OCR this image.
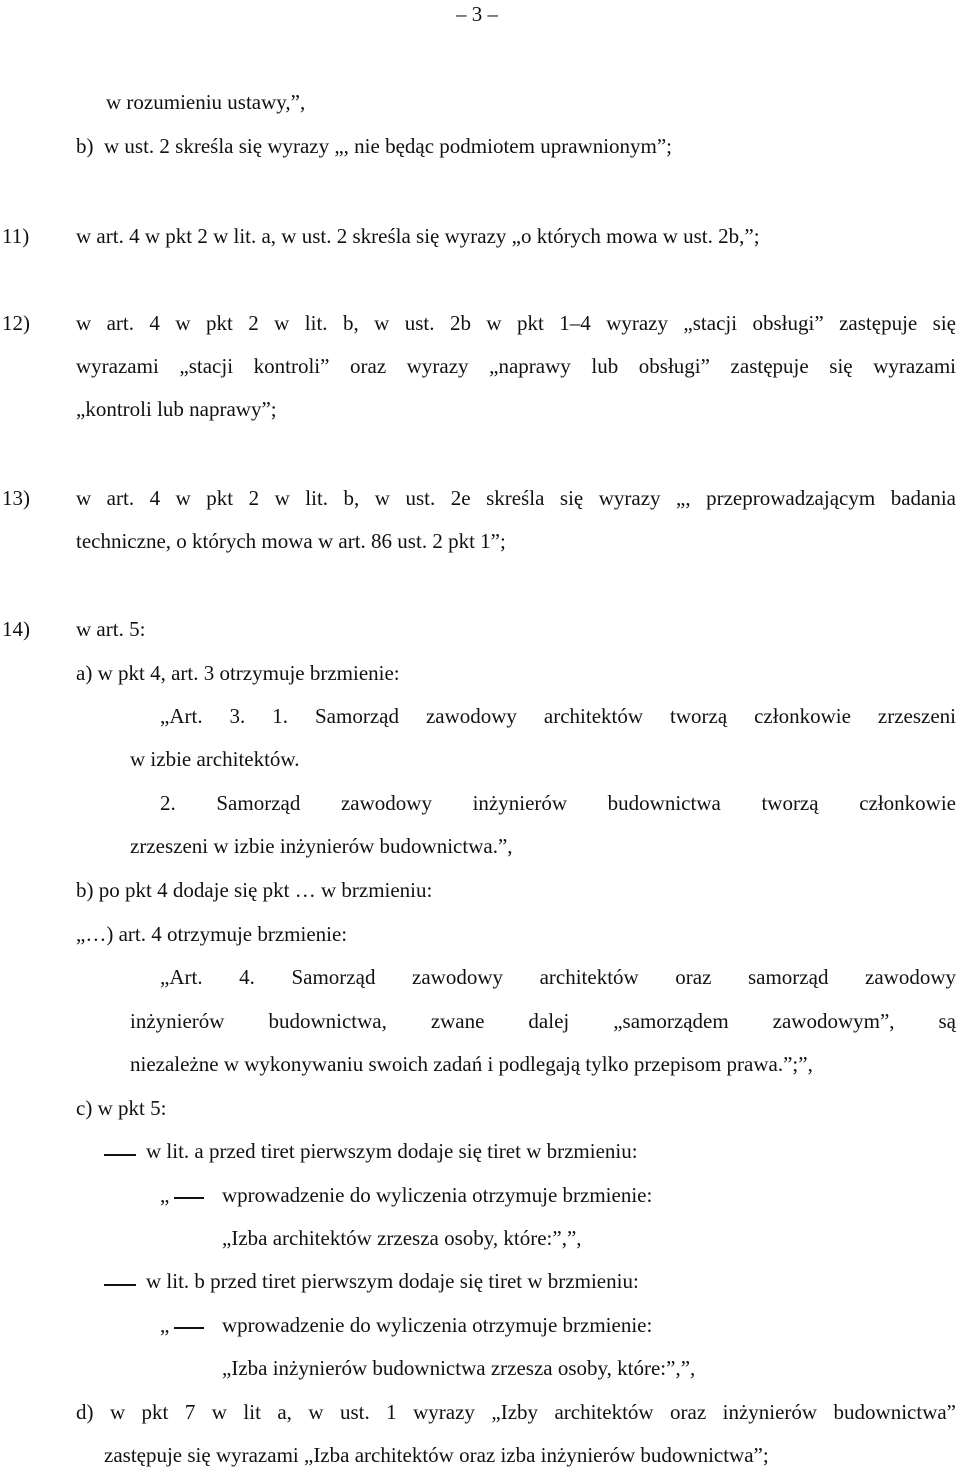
– 3 –
w rozumieniu ustawy,”,
b) w ust. 2 skreśla się wyrazy „, nie będąc podmiotem uprawnionym”;
11) w art. 4 w pkt 2 w lit. a, w ust. 2 skreśla się wyrazy „o których mowa w ust. 2b,”;
12) w art. 4 w pkt 2 w lit. b, w ust. 2b w pkt 1–4 wyrazy „stacji obsługi” zastępuje się
wyrazami „stacji kontroli” oraz wyrazy „naprawy lub obsługi” zastępuje się wyrazami
„kontroli lub naprawy”;
13) w art. 4 w pkt 2 w lit. b, w ust. 2e skreśla się wyrazy „, przeprowadzającym badania
techniczne, o których mowa w art. 86 ust. 2 pkt 1”;
14) w art. 5:
a) w pkt 4, art. 3 otrzymuje brzmienie:
„Art. 3. 1. Samorząd zawodowy architektów tworzą członkowie zrzeszeni
w izbie architektów.
2. Samorząd zawodowy inżynierów budownictwa tworzą członkowie
zrzeszeni w izbie inżynierów budownictwa.”,
b) po pkt 4 dodaje się pkt … w brzmieniu:
„…) art. 4 otrzymuje brzmienie:
„Art. 4. Samorząd zawodowy architektów oraz samorząd zawodowy
inżynierów budownictwa, zwane dalej „samorządem zawodowym”, są
niezależne w wykonywaniu swoich zadań i podlegają tylko przepisom prawa.”;”,
c) w pkt 5:
w lit. a przed tiret pierwszym dodaje się tiret w brzmieniu:
„	wprowadzenie do wyliczenia otrzymuje brzmienie:
„Izba architektów zrzesza osoby, które:”,”,
w lit. b przed tiret pierwszym dodaje się tiret w brzmieniu:
„	wprowadzenie do wyliczenia otrzymuje brzmienie:
„Izba inżynierów budownictwa zrzesza osoby, które:”,”,
d) w pkt 7 w lit a, w ust. 1 wyrazy „Izby architektów oraz inżynierów budownictwa”
zastępuje się wyrazami „Izba architektów oraz izba inżynierów budownictwa”;
